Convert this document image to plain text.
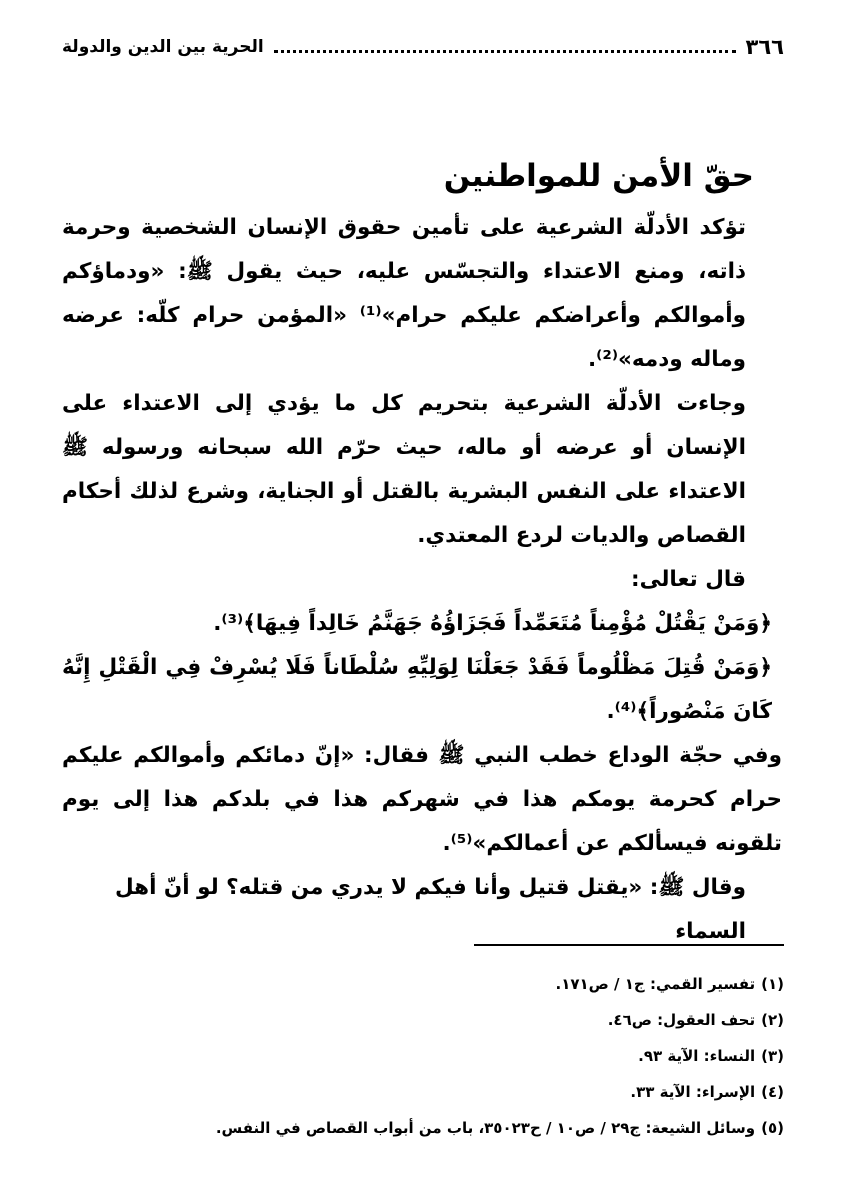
٣٦٦
الحرية بين الدين والدولة
حقّ الأمن للمواطنين

تؤكد الأدلّة الشرعية على تأمين حقوق الإنسان الشخصية وحرمة ذاته، ومنع الاعتداء والتجسّس عليه، حيث يقول ﷺ: «ودماؤكم وأموالكم وأعراضكم عليكم حرام»⁽¹⁾ «المؤمن حرام كلّه: عرضه وماله ودمه»⁽²⁾.

وجاءت الأدلّة الشرعية بتحريم كل ما يؤدي إلى الاعتداء على الإنسان أو عرضه أو ماله، حيث حرّم الله سبحانه ورسوله ﷺ الاعتداء على النفس البشرية بالقتل أو الجناية، وشرع لذلك أحكام القصاص والديات لردع المعتدي.

قال تعالى:

﴿وَمَنْ يَقْتُلْ مُؤْمِناً مُتَعَمِّداً فَجَزَاؤُهُ جَهَنَّمُ خَالِداً فِيهَا﴾⁽³⁾.

﴿وَمَنْ قُتِلَ مَظْلُوماً فَقَدْ جَعَلْنَا لِوَلِيِّهِ سُلْطَاناً فَلَا يُسْرِفْ فِي الْقَتْلِ إِنَّهُ كَانَ مَنْصُوراً﴾⁽⁴⁾.

وفي حجّة الوداع خطب النبي ﷺ فقال: «إنّ دمائكم وأموالكم عليكم حرام كحرمة يومكم هذا في شهركم هذا في بلدكم هذا إلى يوم تلقونه فيسألكم عن أعمالكم»⁽⁵⁾.

وقال ﷺ: «يقتل قتيل وأنا فيكم لا يدري من قتله؟ لو أنّ أهل السماء

(١)تفسير القمي: ج١ / ص١٧١.
(٢)تحف العقول: ص٤٦.
(٣)النساء: الآية ٩٣.
(٤)الإسراء: الآية ٣٣.
(٥)وسائل الشيعة: ج٢٩ / ص١٠ / ح٣٥٠٢٣، باب من أبواب القصاص في النفس.
